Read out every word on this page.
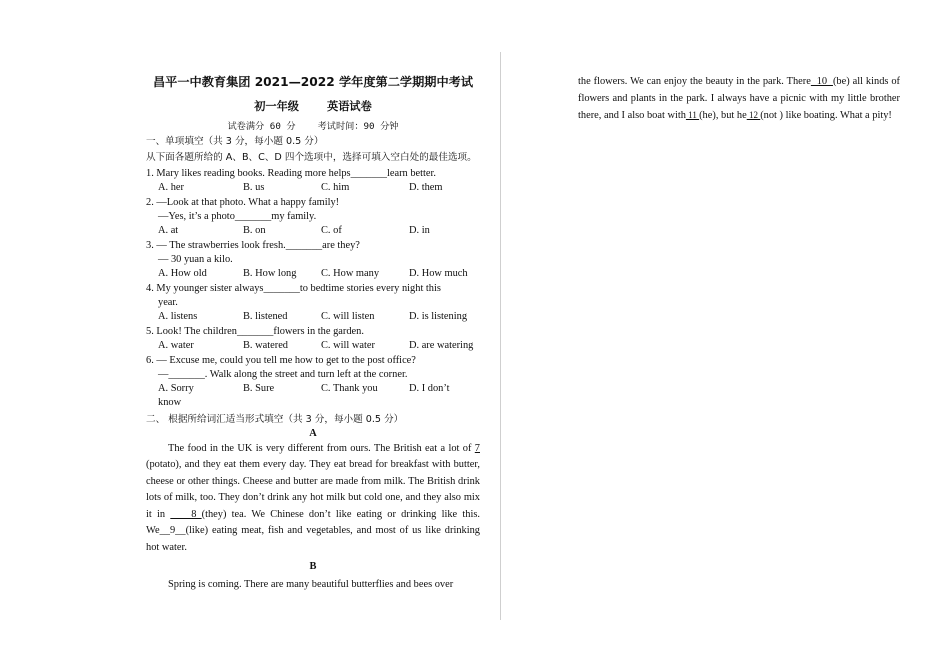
昌平一中教育集团 2021—2022 学年度第二学期期中考试
初一年级	英语试卷
试卷满分 60 分 考试时间：90 分钟
一、单项填空（共 3 分，每小题 0.5 分）
从下面各题所给的 A、B、C、D 四个选项中，选择可填入空白处的最佳选项。
1. Mary likes reading books. Reading more helps_______learn better.
A. her	B. us	C. him	D. them
2. —Look at that photo. What a happy family!
—Yes, it’s a photo_______my family.
A. at	B. on	C. of	D. in
3. — The strawberries look fresh._______are they?
— 30 yuan a kilo.
A. How old	B. How long	C. How many	D. How much
4. My younger sister always_______to bedtime stories every night this
year.
A. listens	B. listened	C. will listen	D. is listening
5. Look! The children_______flowers in the garden.
A. water	B. watered	C. will water	D. are watering
6. — Excuse me, could you tell me how to get to the post office?
—_______. Walk along the street and turn left at the corner.
A. Sorry	B. Sure	C. Thank you	D. I don’t
know
二、 根据所给词汇适当形式填空（共 3 分，每小题 0.5 分）
A
The food in the UK is very different from ours. The British eat a lot of 7 (potato), and they eat them every day. They eat bread for breakfast with butter, cheese or other things. Cheese and butter are made from milk. The British drink lots of milk, too. They don’t drink any hot milk but cold one, and they also mix it in     8 (they) tea. We Chinese don’t like eating or drinking like this. We__9__(like) eating meat, fish and vegetables, and most of us like drinking hot water.
B
Spring is coming. There are many beautiful butterflies and bees over
the flowers. We can enjoy the beauty in the park. There  10  (be) all kinds of flowers and plants in the park. I always have a picnic with my little brother there, and I also boat with 11 (he), but he 12 (not ) like boating. What a pity!
